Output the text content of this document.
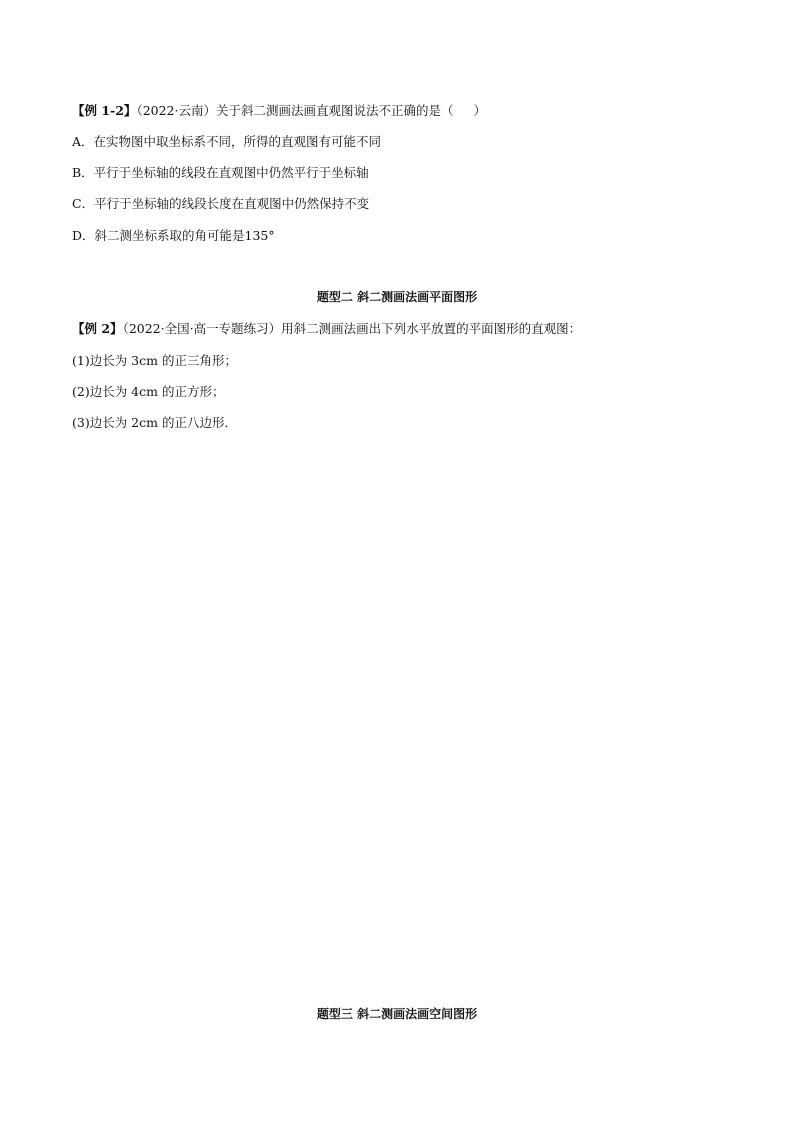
【例 1-2】（2022·云南）关于斜二测画法画直观图说法不正确的是（ ）
A．在实物图中取坐标系不同，所得的直观图有可能不同
B．平行于坐标轴的线段在直观图中仍然平行于坐标轴
C．平行于坐标轴的线段长度在直观图中仍然保持不变
D．斜二测坐标系取的角可能是135°
题型二 斜二测画法画平面图形
【例 2】（2022·全国·高一专题练习）用斜二测画法画出下列水平放置的平面图形的直观图：
(1)边长为 3cm 的正三角形；
(2)边长为 4cm 的正方形；
(3)边长为 2cm 的正八边形．
题型三 斜二测画法画空间图形
